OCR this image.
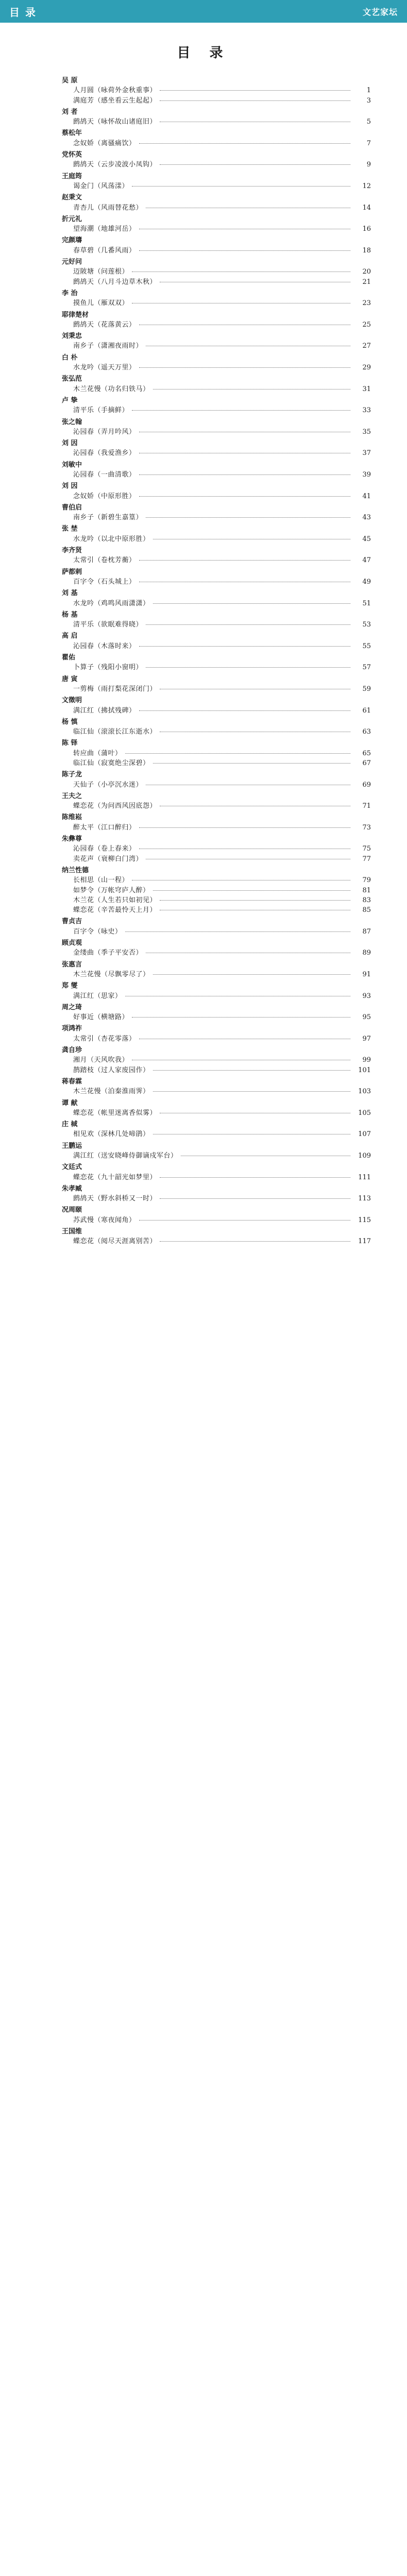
目 录	文艺家坛
目 录
吴 原
人月圆（咏荷外金秋重事）	1
满庭芳（感坐看云生起起）	3
刘 者
鹧鸪天（咏怀故山诸庭旧）	5
蔡松年
念奴娇（离骚痛饮）	7
党怀英
鹧鸪天（云步凌波小凤钩）	9
王庭筠
谒金门（风荡漾）	12
赵秉文
青杏儿（风雨替花愁）	14
折元礼
望海潮（地雄河岳）	16
完颜璹
春草碧（几番风雨）	18
元好问
迈陂塘（问莲根）	20
鹧鸪天（八月斗边草木秋）	21
李 治
摸鱼儿（雁双双）	23
耶律楚材
鹧鸪天（花落黄云）	25
刘秉忠
南乡子（潇湘夜雨时）	27
白 朴
水龙吟（遥天万里）	29
张弘范
木兰花慢（功名归铁马）	31
卢 挚
清平乐（手摘鲜）	33
张之翰
沁园春（弄月吟风）	35
刘 因
沁园春（我爱渔乡）	37
刘敏中
沁园春（一曲清歌）	39
刘 因
念奴娇（中原形胜）	41
曹伯启
南乡子（新碧生嘉篁）	43
张 埜
水龙吟（以北中原形胜）	45
李齐贤
太常引（卷枕芳蘅）	47
萨都剌
百字令（石头城上）	49
刘 基
水龙吟（鸡鸣风雨潇潇）	51
杨 基
清平乐（欲眠难得晓）	53
高 启
沁园春（木落时来）	55
瞿佑
卜算子（残阳小窗明）	57
唐 寅
一剪梅（雨打梨花深闭门）	59
文徵明
满江红（拂拭残碑）	61
杨 慎
临江仙（滚滚长江东逝水）	63
陈 铎
转应曲（蒲叶）	65
临江仙（寂寞绝尘深碧）	67
陈子龙
天仙子（小亭沉水迷）	69
王夫之
蝶恋花（为问西风因底怨）	71
陈维崧
醉太平（江口醉归）	73
朱彝尊
沁园春（卷上春来）	75
卖花声（衰柳白门湾）	77
纳兰性德
长相思（山一程）	79
如梦令（万帐穹庐人醉）	81
木兰花（人生若只如初见）	83
蝶恋花（辛苦最怜天上月）	85
曹贞吉
百字令（咏史）	87
顾贞观
金缕曲（季子平安否）	89
张惠言
木兰花慢（尽飘零尽了）	91
郑 燮
满江红（思家）	93
周之琦
好事近（横塘路）	95
项鸿祚
太常引（杏花零落）	97
龚自珍
湘月（天风吹我）	99
鹊踏枝（过人家废园作）	101
蒋春霖
木兰花慢（泊秦淮雨霁）	103
谭 献
蝶恋花（帐里迷离香似雾）	105
庄 棫
相见欢（深林几处啼鹃）	107
王鹏运
满江红（送安晓峰侍御谪戍军台）	109
文廷式
蝶恋花（九十韶光如梦里）	111
朱孝臧
鹧鸪天（野水斜桥又一时）	113
况周颐
苏武慢（寒夜闻角）	115
王国维
蝶恋花（阅尽天涯离别苦）	117
